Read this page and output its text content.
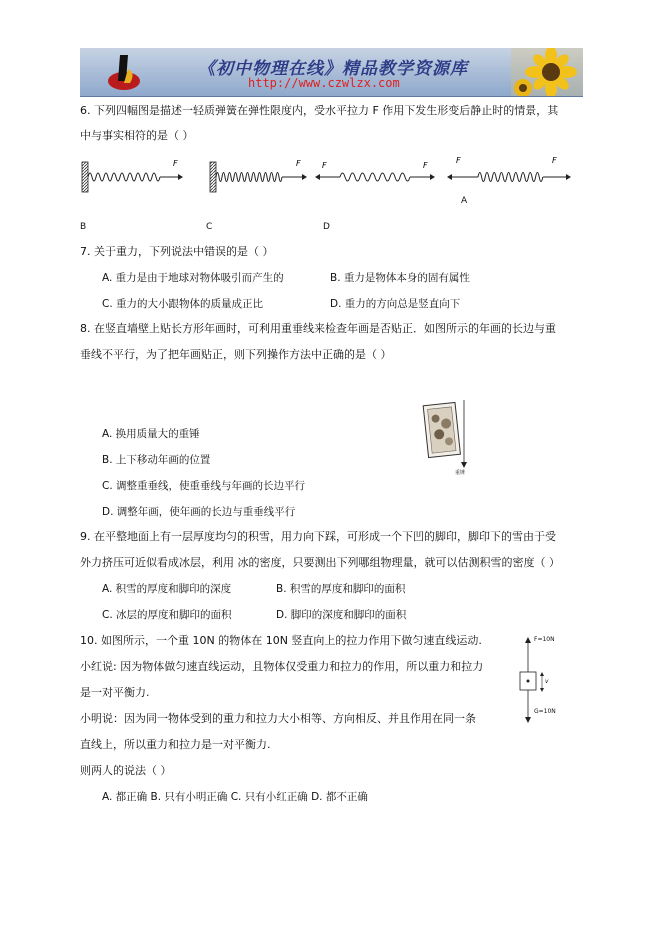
《初中物理在线》精品教学资源库
http://www.czwlzx.com
6. 下列四幅图是描述一轻质弹簧在弹性限度内，受水平拉力 F 作用下发生形变后静止时的情景，其
中与事实相符的是（ ）
F	F	F	F
F	F
A
B	C	D
7. 关于重力，下列说法中错误的是（ ）
A. 重力是由于地球对物体吸引而产生的	B. 重力是物体本身的固有属性
C. 重力的大小跟物体的质量成正比	D. 重力的方向总是竖直向下
8. 在竖直墙壁上贴长方形年画时，可利用重垂线来检查年画是否贴正．如图所示的年画的长边与重
垂线不平行，为了把年画贴正，则下列操作方法中正确的是（ ）
重锤
A. 换用质量大的重锤
B. 上下移动年画的位置
C. 调整重垂线，使重垂线与年画的长边平行
D. 调整年画，使年画的长边与重垂线平行
9. 在平整地面上有一层厚度均匀的积雪，用力向下踩，可形成一个下凹的脚印，脚印下的雪由于受
外力挤压可近似看成冰层，利用 冰的密度，只要测出下列哪组物理量，就可以估测积雪的密度（ ）
A. 积雪的厚度和脚印的深度	B. 积雪的厚度和脚印的面积
C. 冰层的厚度和脚印的面积	D. 脚印的深度和脚印的面积
10. 如图所示，一个重 10N 的物体在 10N 竖直向上的拉力作用下做匀速直线运动.
小红说: 因为物体做匀速直线运动，且物体仅受重力和拉力的作用，所以重力和拉力
是一对平衡力.
小明说：因为同一物体受到的重力和拉力大小相等、方向相反、并且作用在同一条
直线上，所以重力和拉力是一对平衡力.
则两人的说法（ ）
A. 都正确 B. 只有小明正确 C. 只有小红正确 D. 都不正确
F=10N
v
G=10N
